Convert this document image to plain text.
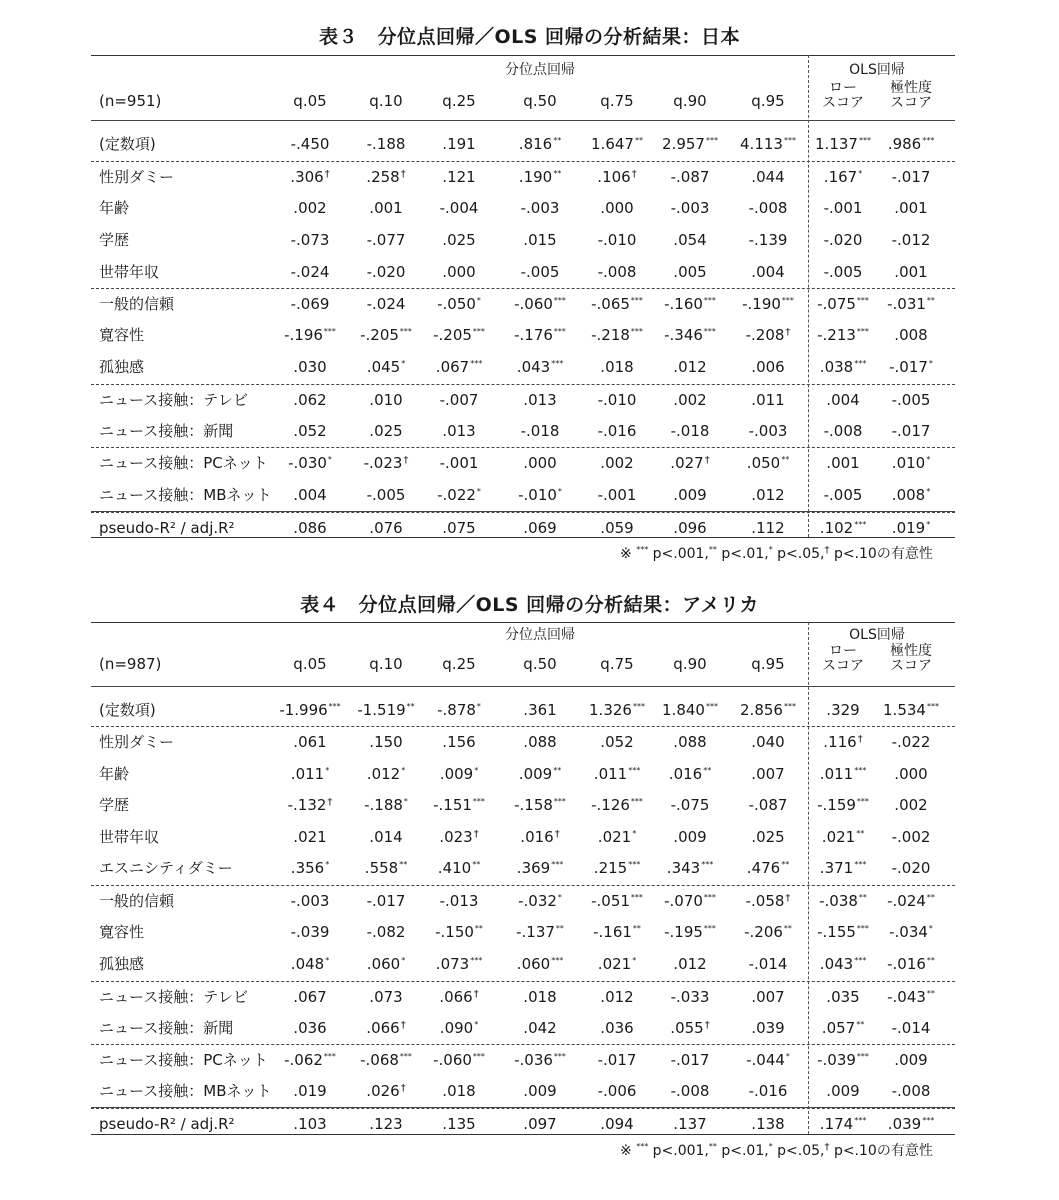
表３　分位点回帰／OLS 回帰の分析結果：日本
分位点回帰	OLS回帰
(n=951)	q.05	q.10	q.25	q.50	q.75	q.90	q.95
ロー
スコア
極性度
スコア
(定数項)	-.450	-.188	.191	.816**	1.647**	2.957***	4.113***	1.137***	.986***
性別ダミー	.306†	.258†	.121	.190**	.106†	-.087	.044	.167*	-.017
年齢	.002	.001	-.004	-.003	.000	-.003	-.008	-.001	.001
学歴	-.073	-.077	.025	.015	-.010	.054	-.139	-.020	-.012
世帯年収	-.024	-.020	.000	-.005	-.008	.005	.004	-.005	.001
一般的信頼	-.069	-.024	-.050*	-.060***	-.065***	-.160***	-.190***	-.075***	-.031**
寛容性	-.196***	-.205***	-.205***	-.176***	-.218***	-.346***	-.208†	-.213***	.008
孤独感	.030	.045*	.067***	.043***	.018	.012	.006	.038***	-.017*
ニュース接触：テレビ	.062	.010	-.007	.013	-.010	.002	.011	.004	-.005
ニュース接触：新聞	.052	.025	.013	-.018	-.016	-.018	-.003	-.008	-.017
ニュース接触：PCネット	-.030*	-.023†	-.001	.000	.002	.027†	.050**	.001	.010*
ニュース接触：MBネット	.004	-.005	-.022*	-.010*	-.001	.009	.012	-.005	.008*
pseudo-R² / adj.R²	.086	.076	.075	.069	.059	.096	.112	.102***	.019*
※ *** p<.001,** p<.01,* p<.05,† p<.10の有意性
表４　分位点回帰／OLS 回帰の分析結果：アメリカ
分位点回帰	OLS回帰
(n=987)	q.05	q.10	q.25	q.50	q.75	q.90	q.95
ロー
スコア
極性度
スコア
(定数項)	-1.996***	-1.519**	-.878*	.361	1.326***	1.840***	2.856***	.329	1.534***
性別ダミー	.061	.150	.156	.088	.052	.088	.040	.116†	-.022
年齢	.011*	.012*	.009*	.009**	.011***	.016**	.007	.011***	.000
学歴	-.132†	-.188*	-.151***	-.158***	-.126***	-.075	-.087	-.159***	.002
世帯年収	.021	.014	.023†	.016†	.021*	.009	.025	.021**	-.002
エスニシティダミー	.356*	.558**	.410**	.369***	.215***	.343***	.476**	.371***	-.020
一般的信頼	-.003	-.017	-.013	-.032*	-.051***	-.070***	-.058†	-.038**	-.024**
寛容性	-.039	-.082	-.150**	-.137**	-.161**	-.195***	-.206**	-.155***	-.034*
孤独感	.048*	.060*	.073***	.060***	.021*	.012	-.014	.043***	-.016**
ニュース接触：テレビ	.067	.073	.066†	.018	.012	-.033	.007	.035	-.043**
ニュース接触：新聞	.036	.066†	.090*	.042	.036	.055†	.039	.057**	-.014
ニュース接触：PCネット	-.062***	-.068***	-.060***	-.036***	-.017	-.017	-.044*	-.039***	.009
ニュース接触：MBネット	.019	.026†	.018	.009	-.006	-.008	-.016	.009	-.008
pseudo-R² / adj.R²	.103	.123	.135	.097	.094	.137	.138	.174***	.039***
※ *** p<.001,** p<.01,* p<.05,† p<.10の有意性
